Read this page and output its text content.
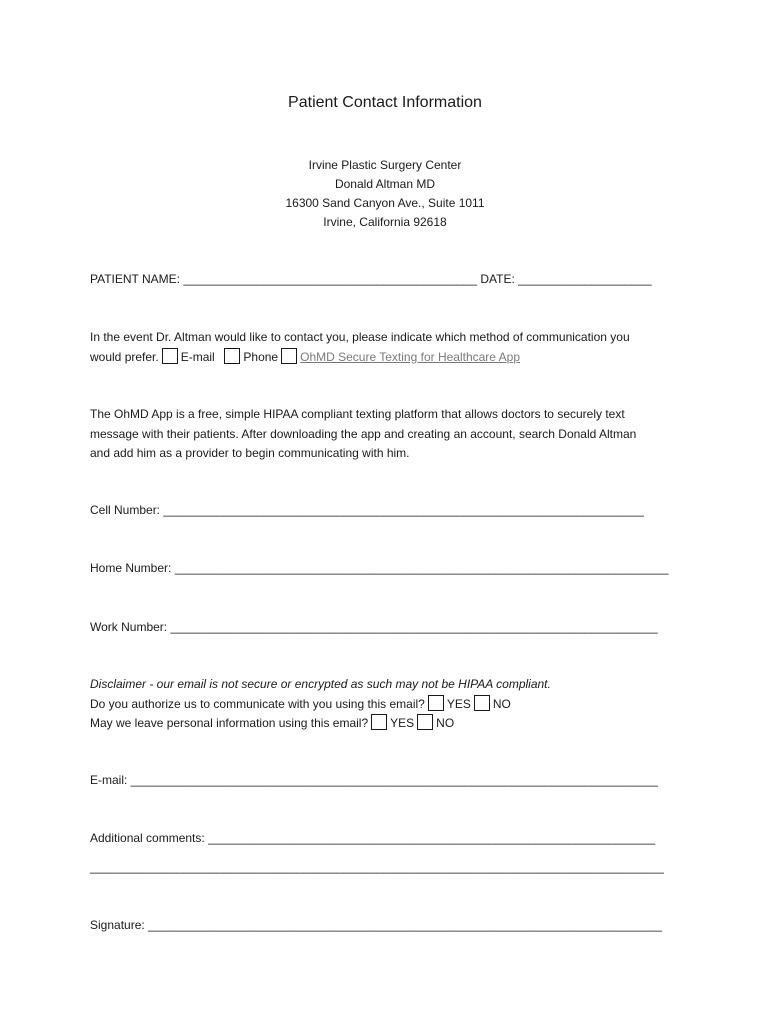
Patient Contact Information
Irvine Plastic Surgery Center
Donald Altman MD
16300 Sand Canyon Ave., Suite 1011
Irvine, California 92618
PATIENT NAME: ____________________________________________ DATE: ____________________
In the event Dr. Altman would like to contact you, please indicate which method of communication you
would prefer. E-mail Phone OhMD Secure Texting for Healthcare App
The OhMD App is a free, simple HIPAA compliant texting platform that allows doctors to securely text
message with their patients. After downloading the app and creating an account, search Donald Altman
and add him as a provider to begin communicating with him.
Cell Number: ________________________________________________________________________
Home Number: __________________________________________________________________________
Work Number: _________________________________________________________________________
Disclaimer - our email is not secure or encrypted as such may not be HIPAA compliant.
Do you authorize us to communicate with you using this email? YES NO
May we leave personal information using this email? YES NO
E-mail: _______________________________________________________________________________
Additional comments: ___________________________________________________________________
______________________________________________________________________________________
Signature: _____________________________________________________________________________
